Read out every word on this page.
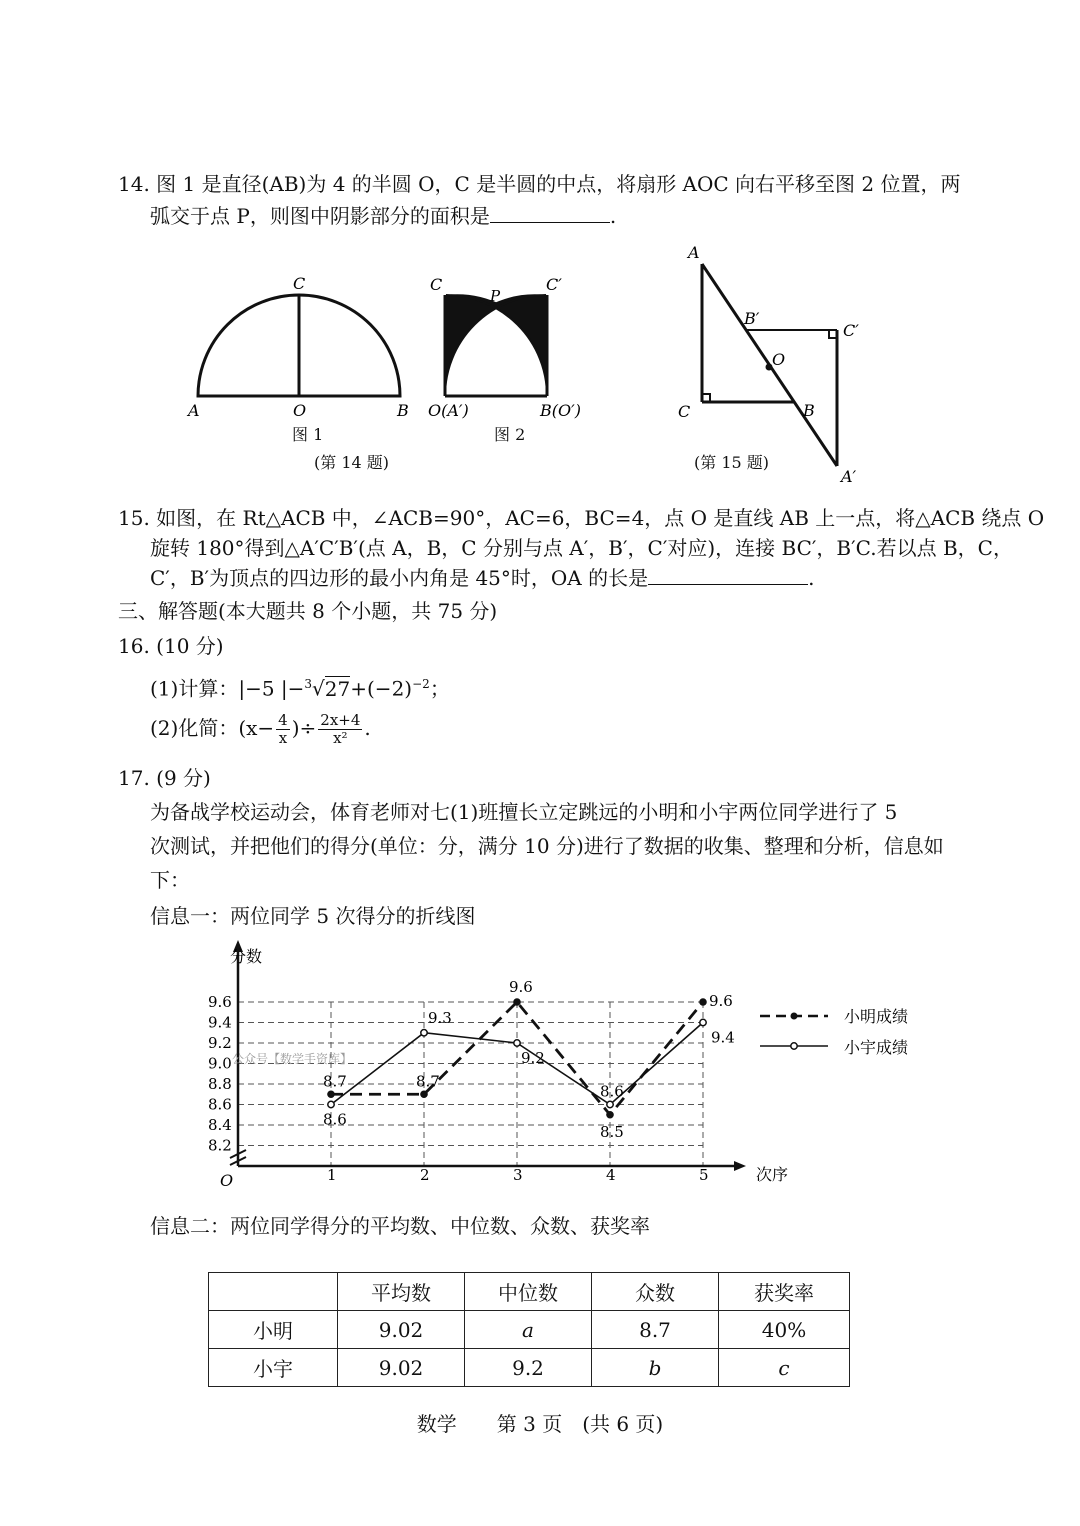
14. 图 1 是直径(AB)为 4 的半圆 O，C 是半圆的中点，将扇形 AOC 向右平移至图 2 位置，两
弧交于点 P，则图中阴影部分的面积是	.
C
A	O	B
图 1
C
P
C′
O(A′)	B(O′)
图 2
(第 14 题)
A
B′
C′
O
C	B
A′
(第 15 题)
15. 如图，在 Rt△ACB 中，∠ACB=90°，AC=6，BC=4，点 O 是直线 AB 上一点，将△ACB 绕点 O
旋转 180°得到△A′C′B′(点 A，B，C 分别与点 A′，B′，C′对应)，连接 BC′，B′C.若以点 B，C，
C′，B′为顶点的四边形的最小内角是 45°时，OA 的长是	.
三、解答题(本大题共 8 个小题，共 75 分)
16. (10 分)
(1)计算：|−5 $|-^3√27+(-2)^{-2}$；
(2)化简：($x- \frac{4}{x}$ )÷ $\frac{2x+4}{\text{x²}}$ .
17. (9 分)
为备战学校运动会，体育老师对七(1)班擅长立定跳远的小明和小宇两位同学进行了 5
次测试，并把他们的得分(单位：分，满分 10 分)进行了数据的收集、整理和分析，信息如
下：
信息一：两位同学 5 次得分的折线图
分数
O	次序
公众号【数学手资库】
8.2
8.4
8.6
8.8
9.0
9.2
9.4
9.6
1	2	3	4	5
8.7	8.7
9.6
8.5
9.6
8.6
9.3
9.2
8.6
9.4
小明成绩
小宇成绩
信息二：两位同学得分的平均数、中位数、众数、获奖率
	平均数	中位数	众数	获奖率
小明	9.02	a	8.7	40%
小宇	9.02	9.2	b	c
数学　　第 3 页　(共 6 页)
